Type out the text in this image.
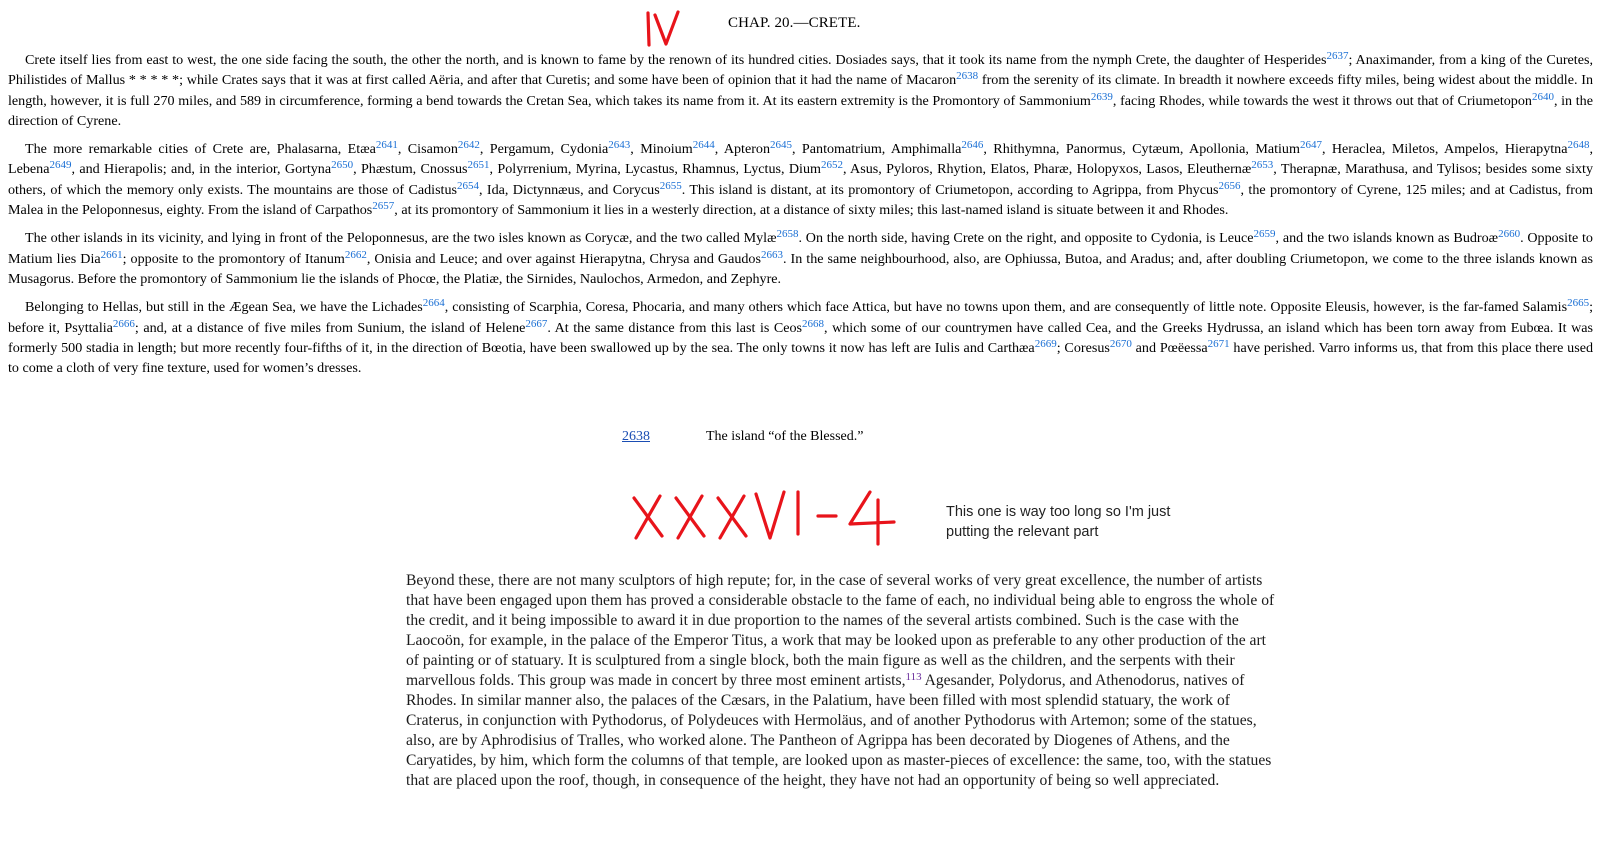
CHAP. 20.—CRETE.

Crete itself lies from east to west, the one side facing the south, the other the north, and is known to fame by the renown of its hundred cities. Dosiades says, that it took its name from the nymph Crete, the daughter of Hesperides$^{2637}$; Anaximander, from a king of the Curetes, Philistides of Mallus * * * * *; while Crates says that it was at first called Aëria, and after that Curetis; and some have been of opinion that it had the name of Macaron$^{2638}$ from the serenity of its climate. In breadth it nowhere exceeds fifty miles, being widest about the middle. In length, however, it is full 270 miles, and 589 in circumference, forming a bend towards the Cretan Sea, which takes its name from it. At its eastern extremity is the Promontory of Sammonium$^{2639}$, facing Rhodes, while towards the west it throws out that of Criumetopon$^{2640}$, in the direction of Cyrene.

The more remarkable cities of Crete are, Phalasarna, Etæa$^{2641}$, Cisamon$^{2642}$, Pergamum, Cydonia$^{2643}$, Minoium$^{2644}$, Apteron$^{2645}$, Pantomatrium, Amphimalla$^{2646}$, Rhithymna, Panormus, Cytæum, Apollonia, Matium$^{2647}$, Heraclea, Miletos, Ampelos, Hierapytna$^{2648}$, Lebena$^{2649}$, and Hierapolis; and, in the interior, Gortyna$^{2650}$, Phæstum, Cnossus$^{2651}$, Polyrrenium, Myrina, Lycastus, Rhamnus, Lyctus, Dium$^{2652}$, Asus, Pyloros, Rhytion, Elatos, Pharæ, Holopyxos, Lasos, Eleuthernæ$^{2653}$, Therapnæ, Marathusa, and Tylisos; besides some sixty others, of which the memory only exists. The mountains are those of Cadistus$^{2654}$, Ida, Dictynnæus, and Corycus$^{2655}$. This island is distant, at its promontory of Criumetopon, according to Agrippa, from Phycus$^{2656}$, the promontory of Cyrene, 125 miles; and at Cadistus, from Malea in the Peloponnesus, eighty. From the island of Carpathos$^{2657}$, at its promontory of Sammonium it lies in a westerly direction, at a distance of sixty miles; this last-named island is situate between it and Rhodes.

The other islands in its vicinity, and lying in front of the Peloponnesus, are the two isles known as Corycæ, and the two called Mylæ$^{2658}$. On the north side, having Crete on the right, and opposite to Cydonia, is Leuce$^{2659}$, and the two islands known as Budroæ$^{2660}$. Opposite to Matium lies Dia$^{2661}$; opposite to the promontory of Itanum$^{2662}$, Onisia and Leuce; and over against Hierapytna, Chrysa and Gaudos$^{2663}$. In the same neighbourhood, also, are Ophiussa, Butoa, and Aradus; and, after doubling Criumetopon, we come to the three islands known as Musagorus. Before the promontory of Sammonium lie the islands of Phocœ, the Platiæ, the Sirnides, Naulochos, Armedon, and Zephyre.

Belonging to Hellas, but still in the Ægean Sea, we have the Lichades$^{2664}$, consisting of Scarphia, Coresa, Phocaria, and many others which face Attica, but have no towns upon them, and are consequently of little note. Opposite Eleusis, however, is the far-famed Salamis$^{2665}$; before it, Psyttalia$^{2666}$; and, at a distance of five miles from Sunium, the island of Helene$^{2667}$. At the same distance from this last is Ceos$^{2668}$, which some of our countrymen have called Cea, and the Greeks Hydrussa, an island which has been torn away from Eubœa. It was formerly 500 stadia in length; but more recently four-fifths of it, in the direction of Bœotia, have been swallowed up by the sea. The only towns it now has left are Iulis and Carthæa$^{2669}$; Coresus$^{2670}$ and Pœëessa$^{2671}$ have perished. Varro informs us, that from this place there used to come a cloth of very fine texture, used for women’s dresses.

2638	The island “of the Blessed.”
This one is way too long so I'm just putting the relevant part

Beyond these, there are not many sculptors of high repute; for, in the case of several works of very great excellence, the number of artists that have been engaged upon them has proved a considerable obstacle to the fame of each, no individual being able to engross the whole of the credit, and it being impossible to award it in due proportion to the names of the several artists combined. Such is the case with the Laocoön, for example, in the palace of the Emperor Titus, a work that may be looked upon as preferable to any other production of the art of painting or of statuary. It is sculptured from a single block, both the main figure as well as the children, and the serpents with their marvellous folds. This group was made in concert by three most eminent artists,$^{113}$ Agesander, Polydorus, and Athenodorus, natives of Rhodes. In similar manner also, the palaces of the Cæsars, in the Palatium, have been filled with most splendid statuary, the work of Craterus, in conjunction with Pythodorus, of Polydeuces with Hermoläus, and of another Pythodorus with Artemon; some of the statues, also, are by Aphrodisius of Tralles, who worked alone. The Pantheon of Agrippa has been decorated by Diogenes of Athens, and the Caryatides, by him, which form the columns of that temple, are looked upon as master-pieces of excellence: the same, too, with the statues that are placed upon the roof, though, in consequence of the height, they have not had an opportunity of being so well appreciated.
